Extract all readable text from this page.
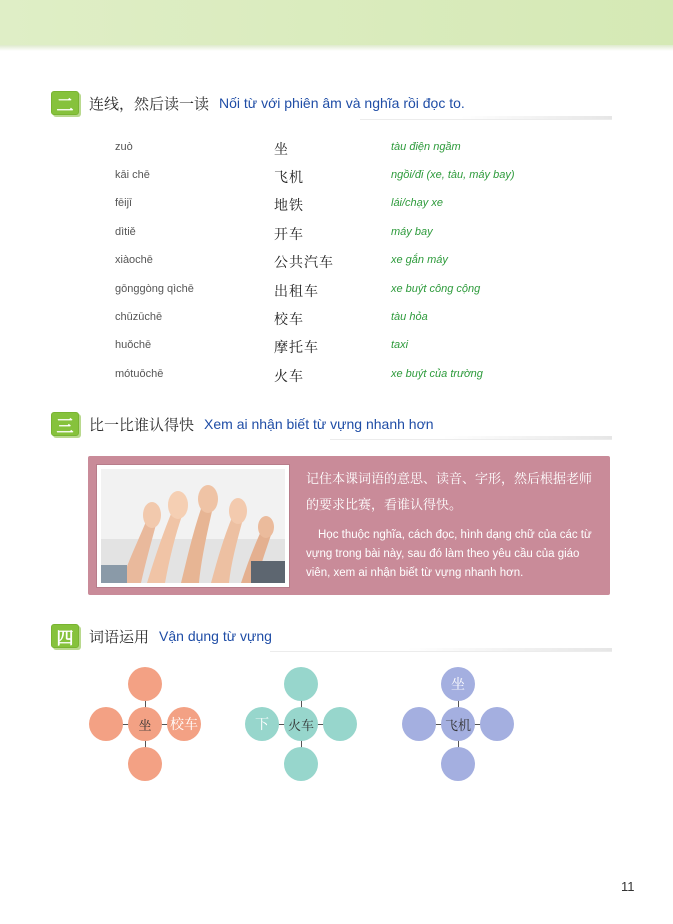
二	连线，然后读一读 Nối từ với phiên âm và nghĩa rồi đọc to.
zuò	坐	tàu điện ngầm
kāi chē	飞机	ngồi/đi (xe, tàu, máy bay)
fēijī	地铁	lái/chạy xe
dìtiě	开车	máy bay
xiàochē	公共汽车	xe gắn máy
gōnggòng qìchē	出租车	xe buýt công cộng
chūzūchē	校车	tàu hỏa
huǒchē	摩托车	taxi
mótuōchē	火车	xe buýt của trường
三	比一比谁认得快 Xem ai nhận biết từ vựng nhanh hơn
记住本课词语的意思、读音、字形，然后根据老师的要求比赛，看谁认得快。
Học thuộc nghĩa, cách đọc, hình dạng chữ của các từ vựng trong bài này, sau đó làm theo yêu cầu của giáo viên, xem ai nhận biết từ vựng nhanh hơn.
四	词语运用 Vận dụng từ vựng
坐 校车	下	火车
坐
飞机
11
